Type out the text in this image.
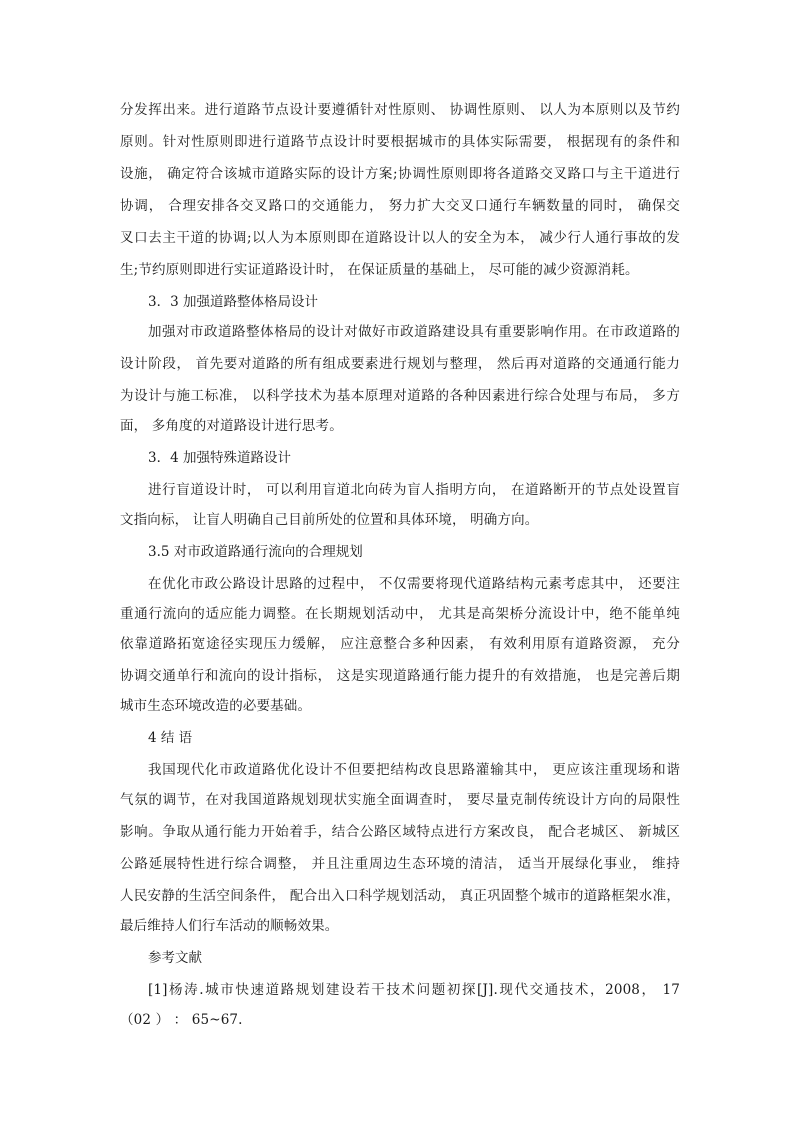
分发挥出来。进行道路节点设计要遵循针对性原则、 协调性原则、 以人为本原则以及节约
原则。针对性原则即进行道路节点设计时要根据城市的具体实际需要， 根据现有的条件和
设施， 确定符合该城市道路实际的设计方案;协调性原则即将各道路交叉路口与主干道进行
协调， 合理安排各交叉路口的交通能力， 努力扩大交叉口通行车辆数量的同时， 确保交
叉口去主干道的协调;以人为本原则即在道路设计以人的安全为本， 减少行人通行事故的发
生;节约原则即进行实证道路设计时， 在保证质量的基础上， 尽可能的减少资源消耗。
3．3 加强道路整体格局设计
加强对市政道路整体格局的设计对做好市政道路建设具有重要影响作用。在市政道路的
设计阶段， 首先要对道路的所有组成要素进行规划与整理， 然后再对道路的交通通行能力
为设计与施工标准， 以科学技术为基本原理对道路的各种因素进行综合处理与布局， 多方
面， 多角度的对道路设计进行思考。
3．4 加强特殊道路设计
进行盲道设计时， 可以利用盲道北向砖为盲人指明方向， 在道路断开的节点处设置盲
文指向标， 让盲人明确自己目前所处的位置和具体环境， 明确方向。
3.5 对市政道路通行流向的合理规划
在优化市政公路设计思路的过程中， 不仅需要将现代道路结构元素考虑其中， 还要注
重通行流向的适应能力调整。在长期规划活动中， 尤其是高架桥分流设计中，绝不能单纯
依靠道路拓宽途径实现压力缓解， 应注意整合多种因素， 有效利用原有道路资源， 充分
协调交通单行和流向的设计指标， 这是实现道路通行能力提升的有效措施， 也是完善后期
城市生态环境改造的必要基础。
4 结 语
我国现代化市政道路优化设计不但要把结构改良思路灌输其中， 更应该注重现场和谐
气氛的调节，在对我国道路规划现状实施全面调查时， 要尽量克制传统设计方向的局限性
影响。争取从通行能力开始着手，结合公路区域特点进行方案改良， 配合老城区、 新城区
公路延展特性进行综合调整， 并且注重周边生态环境的清洁， 适当开展绿化事业， 维持
人民安静的生活空间条件， 配合出入口科学规划活动， 真正巩固整个城市的道路框架水准，
最后维持人们行车活动的顺畅效果。
参考文献
[1]杨涛.城市快速道路规划建设若干技术问题初探[J].现代交通技术，2008， 17
（02 ） ： 65~67.
